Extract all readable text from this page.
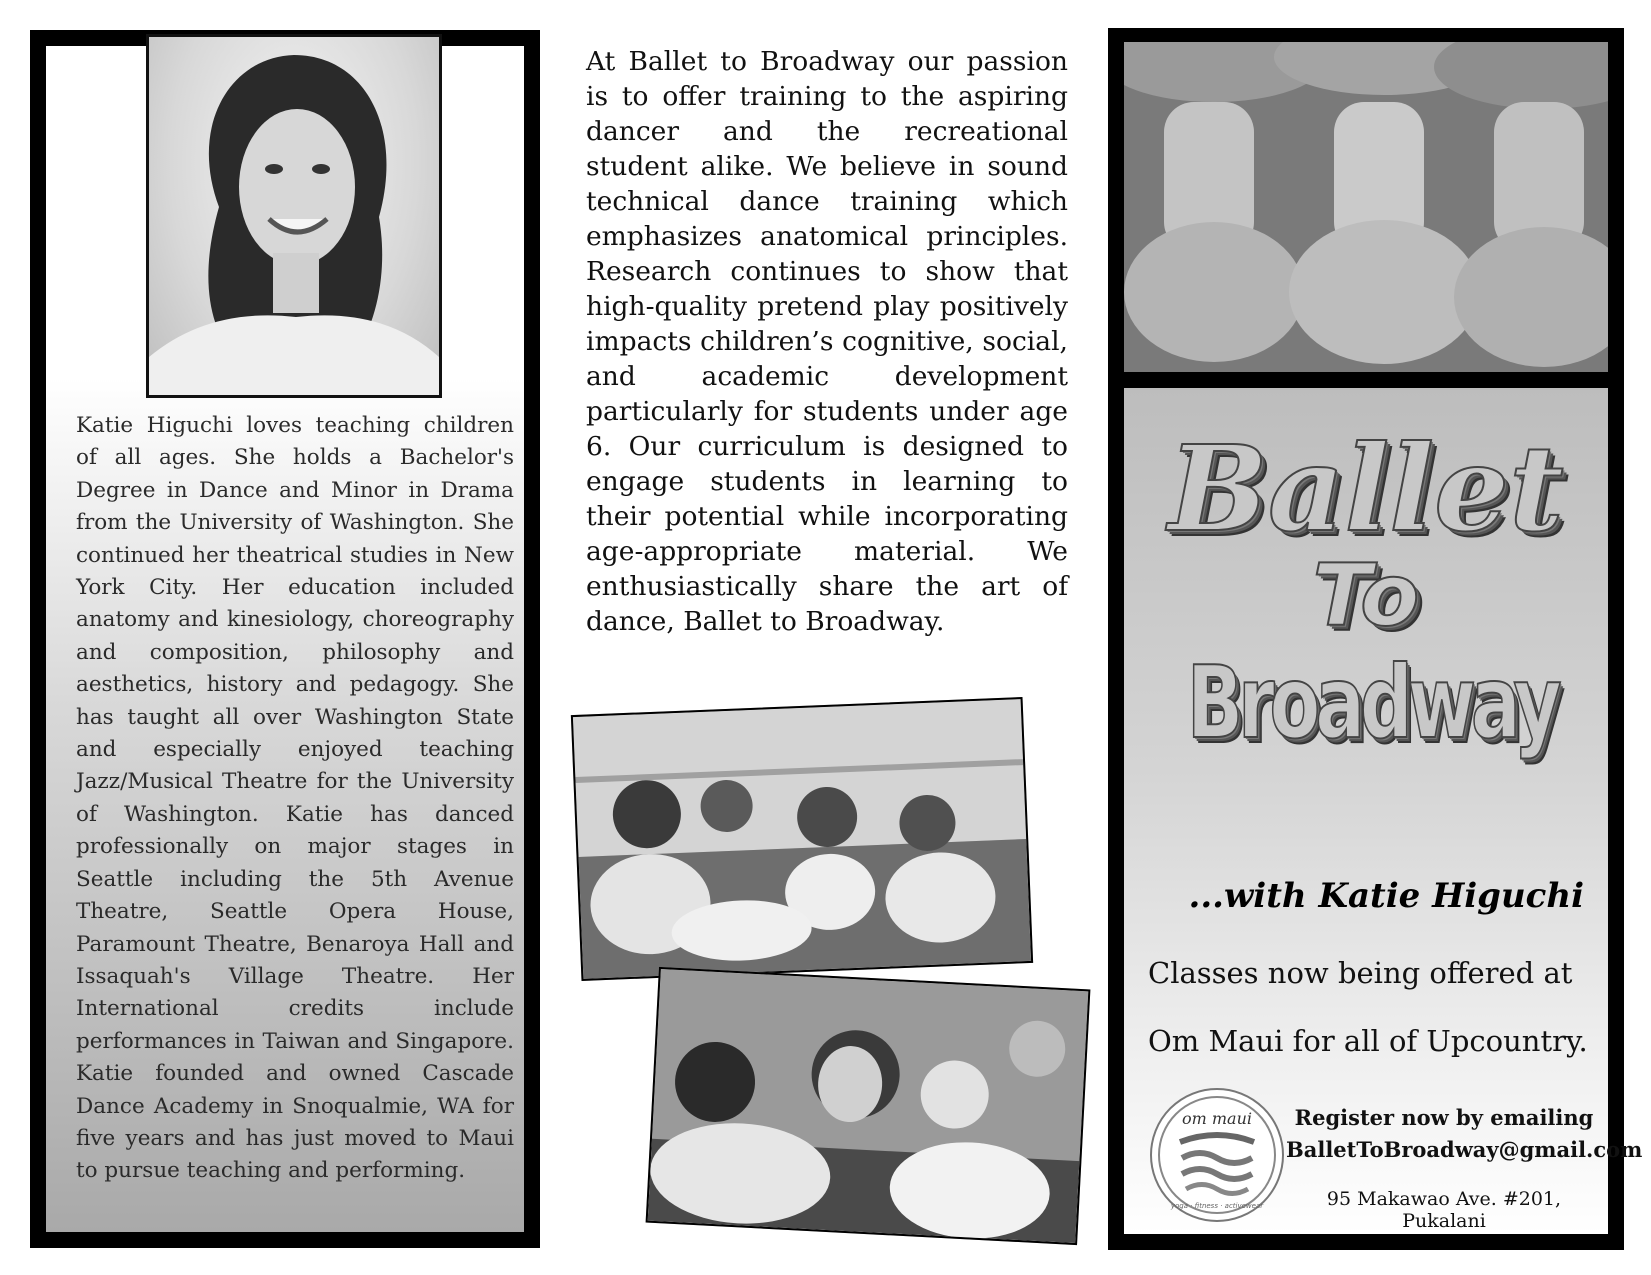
Katie Higuchi loves teaching children of all ages. She holds a Bachelor's Degree in Dance and Minor in Drama from the University of Washington. She continued her theatrical studies in New York City. Her education included anatomy and kinesiology, choreography and composition, philosophy and aesthetics, history and pedagogy. She has taught all over Washington State and especially enjoyed teaching Jazz/Musical Theatre for the University of Washington. Katie has danced professionally on major stages in Seattle including the 5th Avenue Theatre, Seattle Opera House, Paramount Theatre, Benaroya Hall and Issaquah's Village Theatre. Her International credits include performances in Taiwan and Singapore. Katie founded and owned Cascade Dance Academy in Snoqualmie, WA for five years and has just moved to Maui to pursue teaching and performing.

At Ballet to Broadway our passion is to offer training to the aspiring dancer and the recreational student alike. We believe in sound technical dance training which emphasizes anatomical principles. Research continues to show that high-quality pretend play positively impacts children’s cognitive, social, and academic development particularly for students under age 6. Our curriculum is designed to engage students in learning to their potential while incorporating age-appropriate material. We enthusiastically share the art of dance, Ballet to Broadway.

Ballet
To
Broadway
...with Katie Higuchi

Classes now being offered at

Om Maui for all of Upcountry.

om maui
yoga · fitness · activewear
Register now by emailing
BalletToBroadway@gmail.com
95 Makawao Ave. #201, Pukalani
